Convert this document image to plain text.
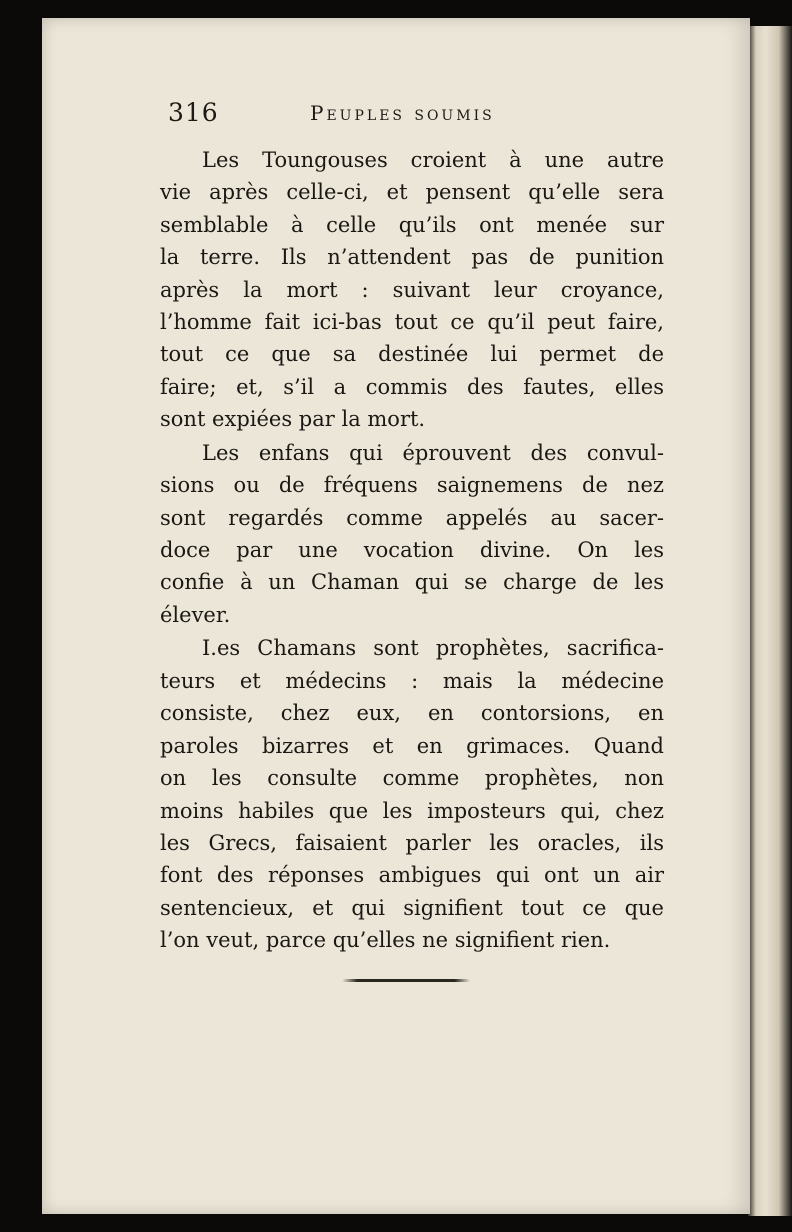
316	Peuples soumis
Les Toungouses croient à une autre
vie après celle-ci, et pensent qu’elle sera
semblable à celle qu’ils ont menée sur
la terre. Ils n’attendent pas de punition
après la mort : suivant leur croyance,
l’homme fait ici-bas tout ce qu’il peut faire,
tout ce que sa destinée lui permet de
faire; et, s’il a commis des fautes, elles
sont expiées par la mort.
Les enfans qui éprouvent des convul-
sions ou de fréquens saignemens de nez
sont regardés comme appelés au sacer-
doce par une vocation divine. On les
confie à un Chaman qui se charge de les
élever.
I.es Chamans sont prophètes, sacrifica-
teurs et médecins : mais la médecine
consiste, chez eux, en contorsions, en
paroles bizarres et en grimaces. Quand
on les consulte comme prophètes, non
moins habiles que les imposteurs qui, chez
les Grecs, faisaient parler les oracles, ils
font des réponses ambigues qui ont un air
sentencieux, et qui signifient tout ce que
l’on veut, parce qu’elles ne signifient rien.
